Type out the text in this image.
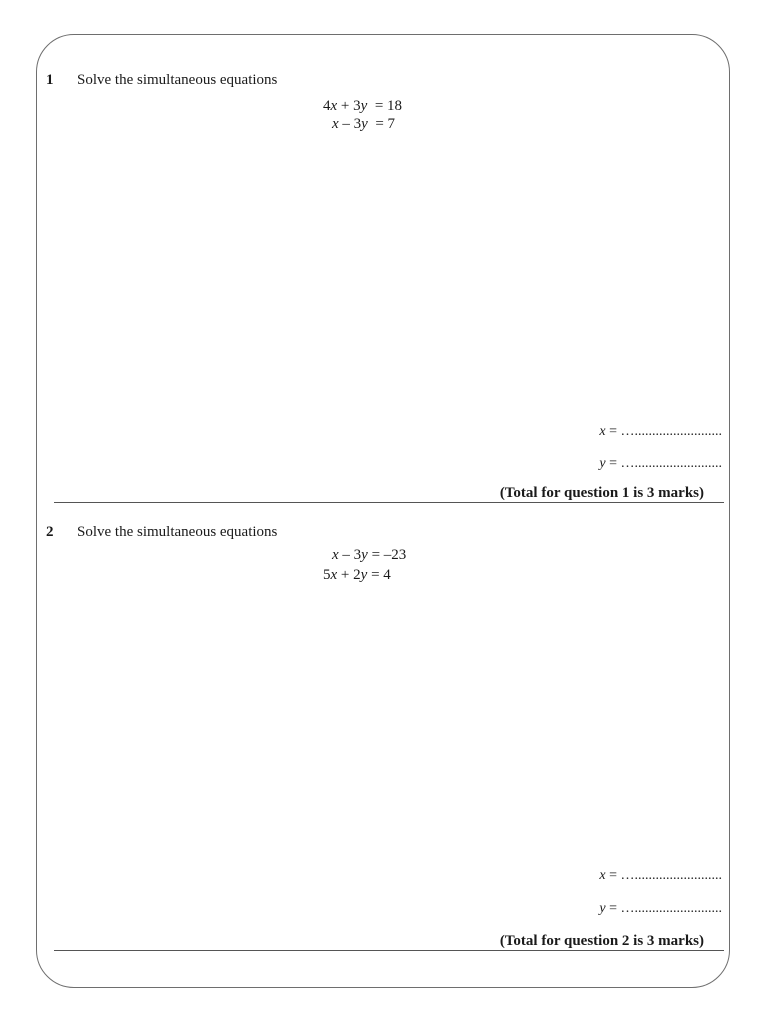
1 Solve the simultaneous equations
4x + 3y  = 18
x – 3y  = 7
x = ….........................
y = ….........................
(Total for question 1 is 3 marks)
2 Solve the simultaneous equations
x – 3y = –23
5x + 2y = 4
x = ….........................
y = ….........................
(Total for question 2 is 3 marks)
